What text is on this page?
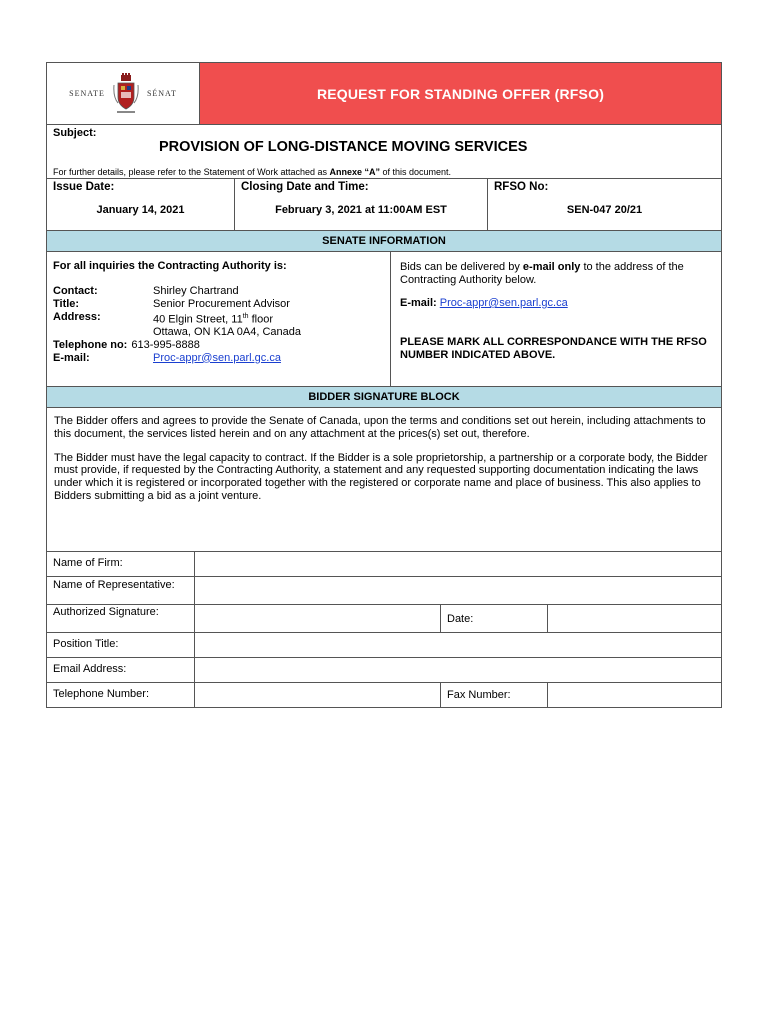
SENATE	SÉNAT	REQUEST FOR STANDING OFFER (RFSO)
Subject:
PROVISION OF LONG-DISTANCE MOVING SERVICES
For further details, please refer to the Statement of Work attached as Annexe “A” of this document.
Issue Date:
January 14, 2021
Closing Date and Time:
February 3, 2021 at 11:00AM EST
RFSO No:
SEN-047 20/21
SENATE INFORMATION
For all inquiries the Contracting Authority is:
Contact:	Shirley Chartrand
Title:	Senior Procurement Advisor
Address:	40 Elgin Street, 11th floor
Ottawa, ON K1A 0A4, Canada
Telephone no: 613-995-8888
E-mail:	Proc-appr@sen.parl.gc.ca
Bids can be delivered by e-mail only to the address of the Contracting Authority below.
E-mail: Proc-appr@sen.parl.gc.ca
PLEASE MARK ALL CORRESPONDANCE WITH THE RFSO NUMBER INDICATED ABOVE.
BIDDER SIGNATURE BLOCK

The Bidder offers and agrees to provide the Senate of Canada, upon the terms and conditions set out herein, including attachments to this document, the services listed herein and on any attachment at the prices(s) set out, therefore.

The Bidder must have the legal capacity to contract. If the Bidder is a sole proprietorship, a partnership or a corporate body, the Bidder must provide, if requested by the Contracting Authority, a statement and any requested supporting documentation indicating the laws under which it is registered or incorporated together with the registered or corporate name and place of business. This also applies to Bidders submitting a bid as a joint venture.

Name of Firm:
Name of Representative:
Authorized Signature:
Date:
Position Title:
Email Address:
Telephone Number:	Fax Number:
